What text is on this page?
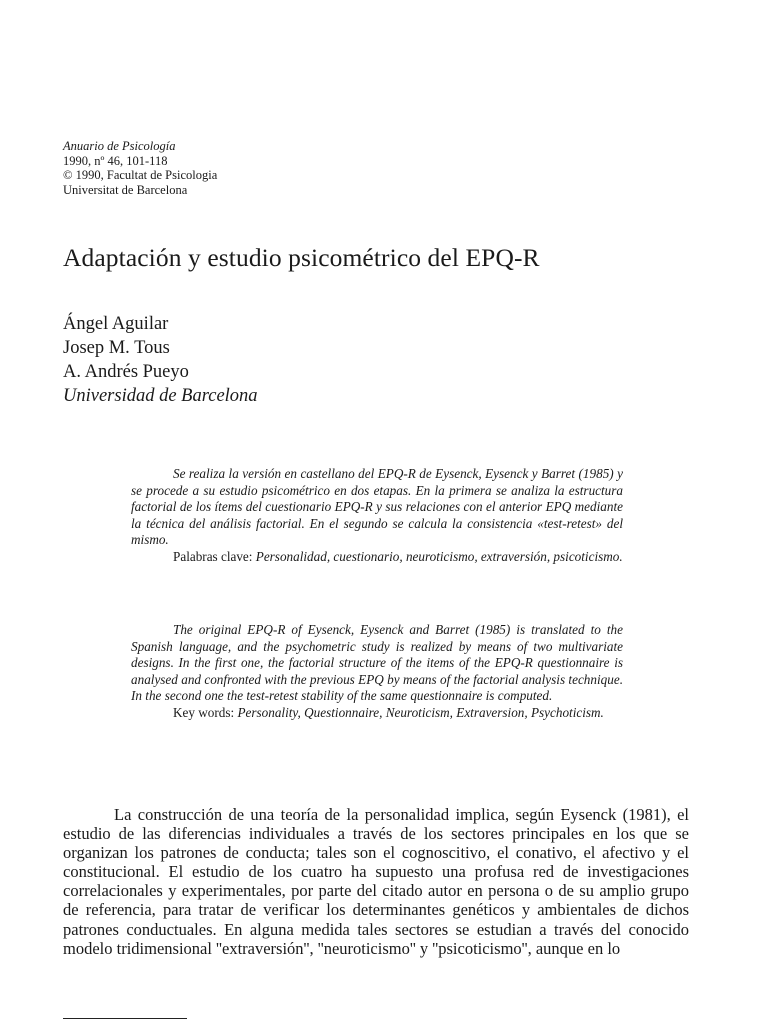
Anuario de Psicología
1990, nº 46, 101-118
© 1990, Facultat de Psicologia
Universitat de Barcelona
Adaptación y estudio psicométrico del EPQ-R
Ángel Aguilar
Josep M. Tous
A. Andrés Pueyo
Universidad de Barcelona
Se realiza la versión en castellano del EPQ-R de Eysenck, Eysenck y Barret (1985) y se procede a su estudio psicométrico en dos etapas. En la primera se analiza la estructura factorial de los ítems del cuestionario EPQ-R y sus relaciones con el anterior EPQ mediante la técnica del análisis factorial. En el segundo se calcula la consistencia «test-retest» del mismo.
Palabras clave: Personalidad, cuestionario, neuroticismo, extraversión, psicoticismo.
The original EPQ-R of Eysenck, Eysenck and Barret (1985) is translated to the Spanish language, and the psychometric study is realized by means of two multivariate designs. In the first one, the factorial structure of the items of the EPQ-R questionnaire is analysed and confronted with the previous EPQ by means of the factorial analysis technique. In the second one the test-retest stability of the same questionnaire is computed.
Key words: Personality, Questionnaire, Neuroticism, Extraversion, Psychoticism.
La construcción de una teoría de la personalidad implica, según Eysenck (1981), el estudio de las diferencias individuales a través de los sectores principales en los que se organizan los patrones de conducta; tales son el cognoscitivo, el conativo, el afectivo y el constitucional. El estudio de los cuatro ha supuesto una profusa red de investigaciones correlacionales y experimentales, por parte del citado autor en persona o de su amplio grupo de referencia, para tratar de verificar los determinantes genéticos y ambientales de dichos patrones conductuales. En alguna medida tales sectores se estudian a través del conocido modelo tridimensional ''extraversión'', ''neuroticismo'' y ''psicoticismo'', aunque en lo
